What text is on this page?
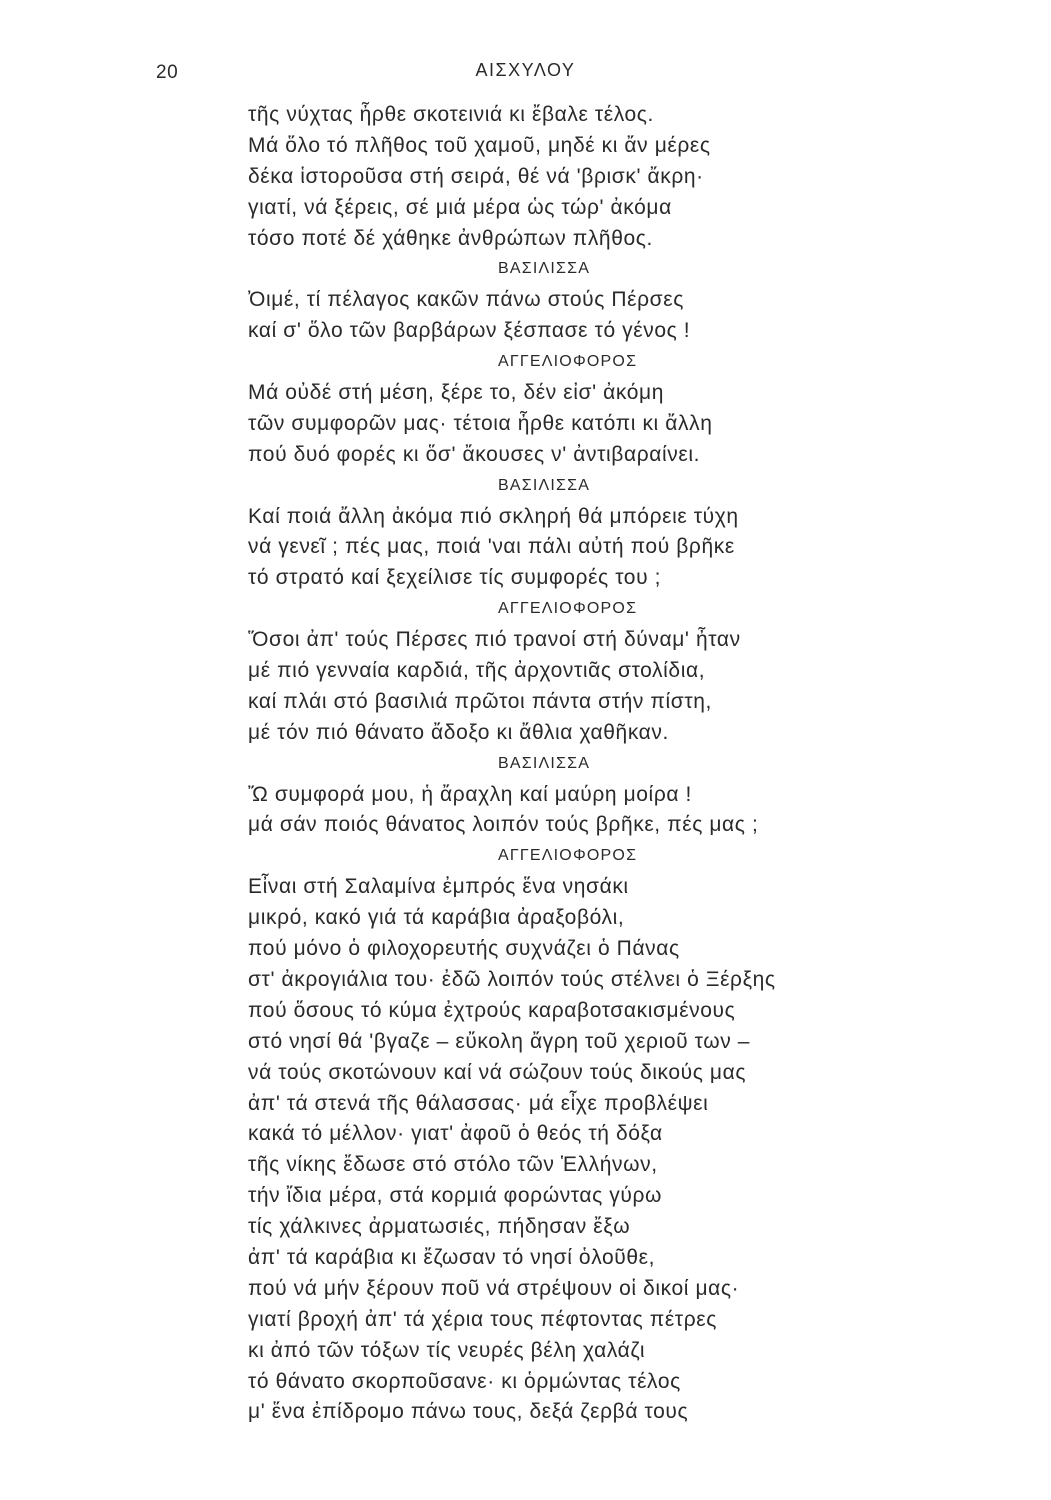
20	ΑΙΣΧΥΛΟΥ
τῆς νύχτας ἦρθε σκοτεινιά κι ἔβαλε τέλος.
Μά ὅλο τό πλῆθος τοῦ χαμοῦ, μηδέ κι ἄν μέρες
δέκα ἱστοροῦσα στή σειρά, θέ νά 'βρισκ' ἄκρη·
γιατί, νά ξέρεις, σέ μιά μέρα ὡς τώρ' ἀκόμα
τόσο ποτέ δέ χάθηκε ἀνθρώπων πλῆθος.
ΒΑΣΙΛΙΣΣΑ
Ὀιμέ, τί πέλαγος κακῶν πάνω στούς Πέρσες
καί σ' ὅλο τῶν βαρβάρων ξέσπασε τό γένος !
ΑΓΓΕΛΙΟΦΟΡΟΣ
Μά οὐδέ στή μέση, ξέρε το, δέν εἰσ' ἀκόμη
τῶν συμφορῶν μας· τέτοια ἦρθε κατόπι κι ἄλλη
πού δυό φορές κι ὅσ' ἄκουσες ν' ἀντιβαραίνει.
ΒΑΣΙΛΙΣΣΑ
Καί ποιά ἄλλη ἀκόμα πιό σκληρή θά μπόρειε τύχη
νά γενεῖ ; πές μας, ποιά 'ναι πάλι αὐτή πού βρῆκε
τό στρατό καί ξεχείλισε τίς συμφορές του ;
ΑΓΓΕΛΙΟΦΟΡΟΣ
Ὅσοι ἀπ' τούς Πέρσες πιό τρανοί στή δύναμ' ἦταν
μέ πιό γενναία καρδιά, τῆς ἀρχοντιᾶς στολίδια,
καί πλάι στό βασιλιά πρῶτοι πάντα στήν πίστη,
μέ τόν πιό θάνατο ἄδοξο κι ἄθλια χαθῆκαν.
ΒΑΣΙΛΙΣΣΑ
Ὤ συμφορά μου, ἡ ἄραχλη καί μαύρη μοίρα !
μά σάν ποιός θάνατος λοιπόν τούς βρῆκε, πές μας ;
ΑΓΓΕΛΙΟΦΟΡΟΣ
Εἶναι στή Σαλαμίνα ἐμπρός ἕνα νησάκι
μικρό, κακό γιά τά καράβια ἀραξοβόλι,
πού μόνο ὁ φιλοχορευτής συχνάζει ὁ Πάνας
στ' ἀκρογιάλια του· ἐδῶ λοιπόν τούς στέλνει ὁ Ξέρξης
πού ὅσους τό κύμα ἐχτρούς καραβοτσακισμένους
στό νησί θά 'βγαζε – εὔκολη ἄγρη τοῦ χεριοῦ των –
νά τούς σκοτώνουν καί νά σώζουν τούς δικούς μας
ἀπ' τά στενά τῆς θάλασσας· μά εἶχε προβλέψει
κακά τό μέλλον· γιατ' ἀφοῦ ὁ θεός τή δόξα
τῆς νίκης ἔδωσε στό στόλο τῶν Ἑλλήνων,
τήν ἴδια μέρα, στά κορμιά φορώντας γύρω
τίς χάλκινες ἀρματωσιές, πήδησαν ἔξω
ἀπ' τά καράβια κι ἔζωσαν τό νησί ὁλοῦθε,
πού νά μήν ξέρουν ποῦ νά στρέψουν οἱ δικοί μας·
γιατί βροχή ἀπ' τά χέρια τους πέφτοντας πέτρες
κι ἀπό τῶν τόξων τίς νευρές βέλη χαλάζι
τό θάνατο σκορποῦσανε· κι ὁρμώντας τέλος
μ' ἕνα ἐπίδρομο πάνω τους, δεξά ζερβά τους
